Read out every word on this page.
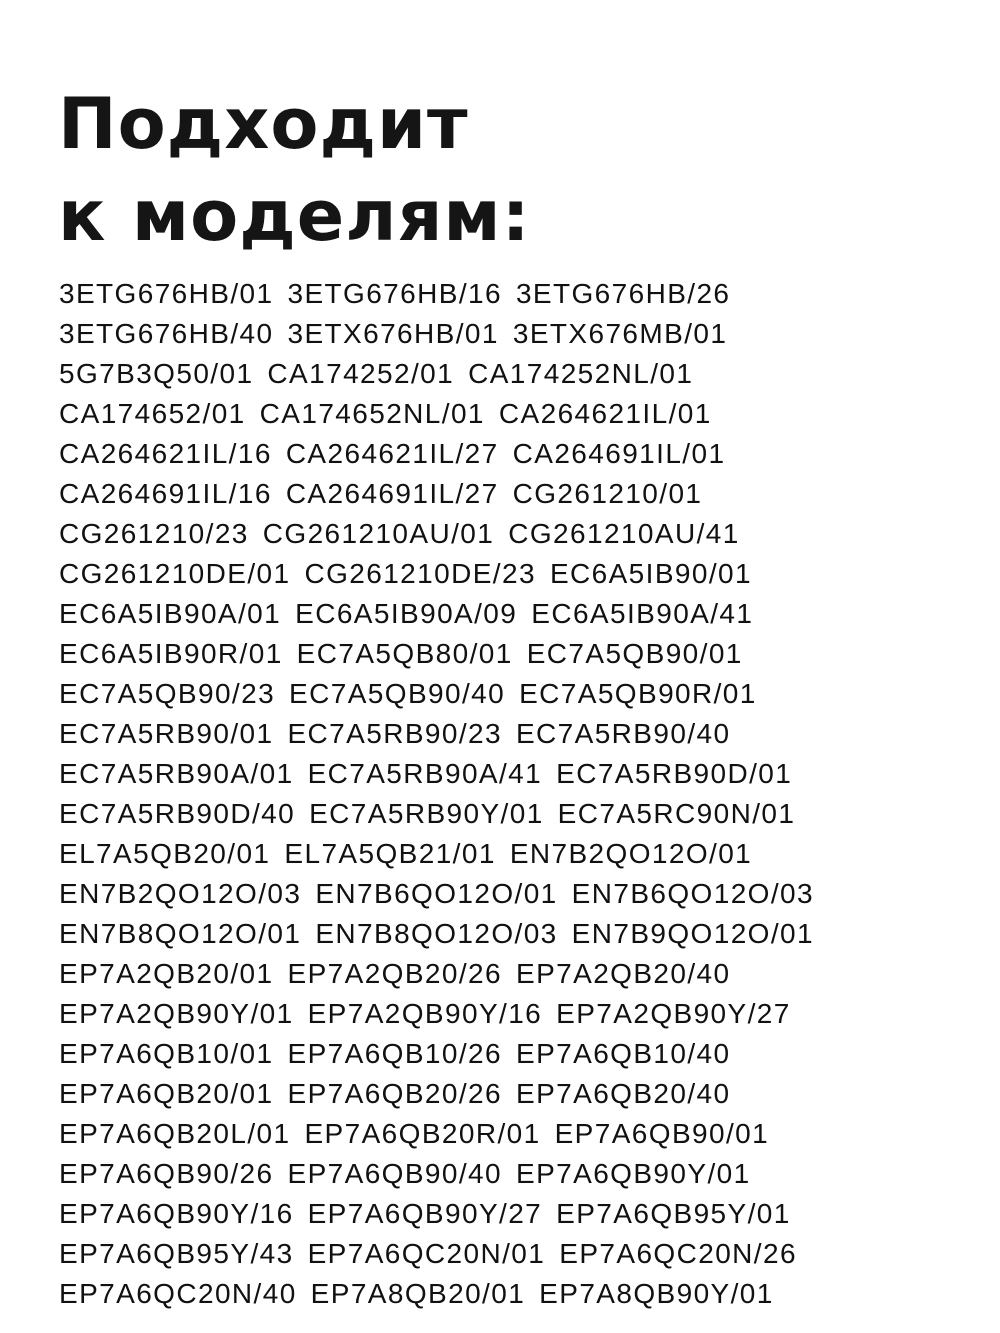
Подходит
к моделям:
3ETG676HB/01 3ETG676HB/16 3ETG676HB/26
3ETG676HB/40 3ETX676HB/01 3ETX676MB/01
5G7B3Q50/01 CA174252/01 CA174252NL/01
CA174652/01 CA174652NL/01 CA264621IL/01
CA264621IL/16 CA264621IL/27 CA264691IL/01
CA264691IL/16 CA264691IL/27 CG261210/01
CG261210/23 CG261210AU/01 CG261210AU/41
CG261210DE/01 CG261210DE/23 EC6A5IB90/01
EC6A5IB90A/01 EC6A5IB90A/09 EC6A5IB90A/41
EC6A5IB90R/01 EC7A5QB80/01 EC7A5QB90/01
EC7A5QB90/23 EC7A5QB90/40 EC7A5QB90R/01
EC7A5RB90/01 EC7A5RB90/23 EC7A5RB90/40
EC7A5RB90A/01 EC7A5RB90A/41 EC7A5RB90D/01
EC7A5RB90D/40 EC7A5RB90Y/01 EC7A5RC90N/01
EL7A5QB20/01 EL7A5QB21/01 EN7B2QO12O/01
EN7B2QO12O/03 EN7B6QO12O/01 EN7B6QO12O/03
EN7B8QO12O/01 EN7B8QO12O/03 EN7B9QO12O/01
EP7A2QB20/01 EP7A2QB20/26 EP7A2QB20/40
EP7A2QB90Y/01 EP7A2QB90Y/16 EP7A2QB90Y/27
EP7A6QB10/01 EP7A6QB10/26 EP7A6QB10/40
EP7A6QB20/01 EP7A6QB20/26 EP7A6QB20/40
EP7A6QB20L/01 EP7A6QB20R/01 EP7A6QB90/01
EP7A6QB90/26 EP7A6QB90/40 EP7A6QB90Y/01
EP7A6QB90Y/16 EP7A6QB90Y/27 EP7A6QB95Y/01
EP7A6QB95Y/43 EP7A6QC20N/01 EP7A6QC20N/26
EP7A6QC20N/40 EP7A8QB20/01 EP7A8QB90Y/01
